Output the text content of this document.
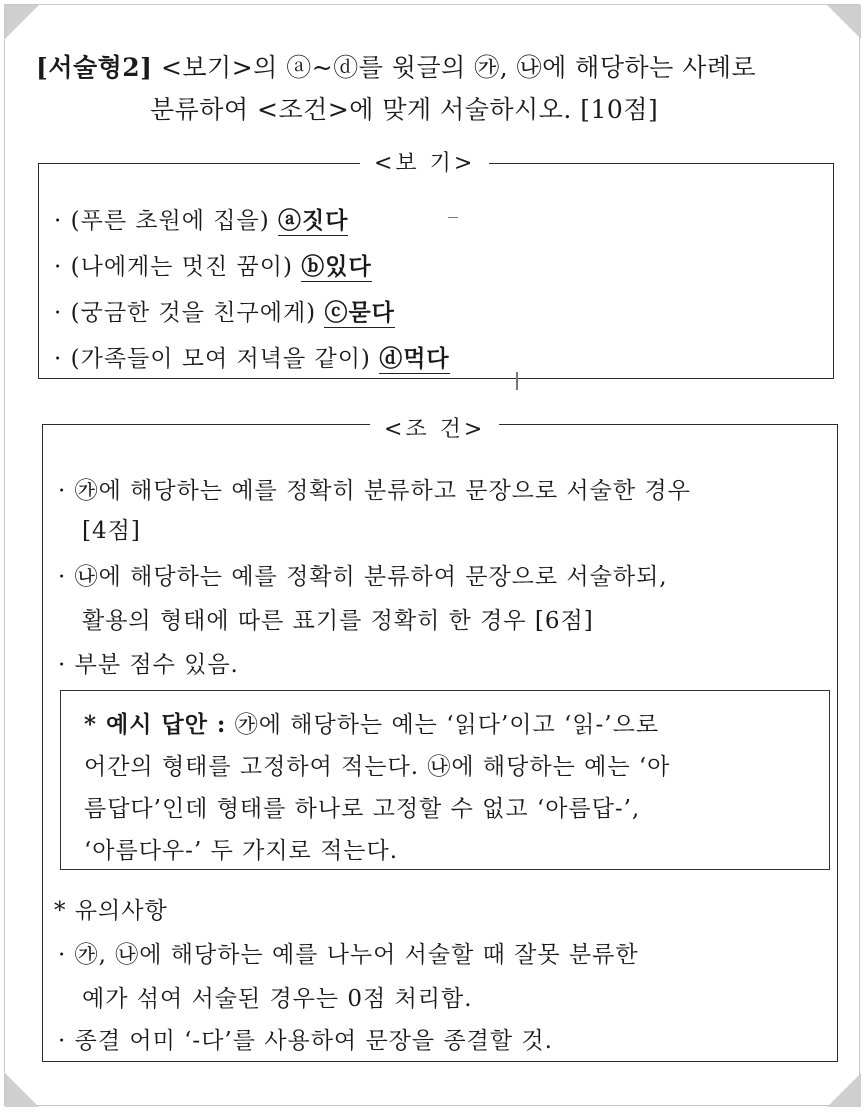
[서술형2] <보기>의 ⓐ~ⓓ를 윗글의 ㉮, ㉯에 해당하는 사례로
분류하여 <조건>에 맞게 서술하시오. [10점]
<보 기>
· (푸른 초원에 집을) ⓐ짓다
· (나에게는 멋진 꿈이) ⓑ있다
· (궁금한 것을 친구에게) ⓒ묻다
· (가족들이 모여 저녁을 같이) ⓓ먹다
<조 건>
· ㉮에 해당하는 예를 정확히 분류하고 문장으로 서술한 경우
[4점]
· ㉯에 해당하는 예를 정확히 분류하여 문장으로 서술하되,
활용의 형태에 따른 표기를 정확히 한 경우 [6점]
· 부분 점수 있음.
* 예시 답안 : ㉮에 해당하는 예는 ‘읽다’이고 ‘읽-’으로
어간의 형태를 고정하여 적는다. ㉯에 해당하는 예는 ‘아
름답다’인데 형태를 하나로 고정할 수 없고 ‘아름답-’,
‘아름다우-’ 두 가지로 적는다.
* 유의사항
· ㉮, ㉯에 해당하는 예를 나누어 서술할 때 잘못 분류한
예가 섞여 서술된 경우는 0점 처리함.
· 종결 어미 ‘-다’를 사용하여 문장을 종결할 것.
